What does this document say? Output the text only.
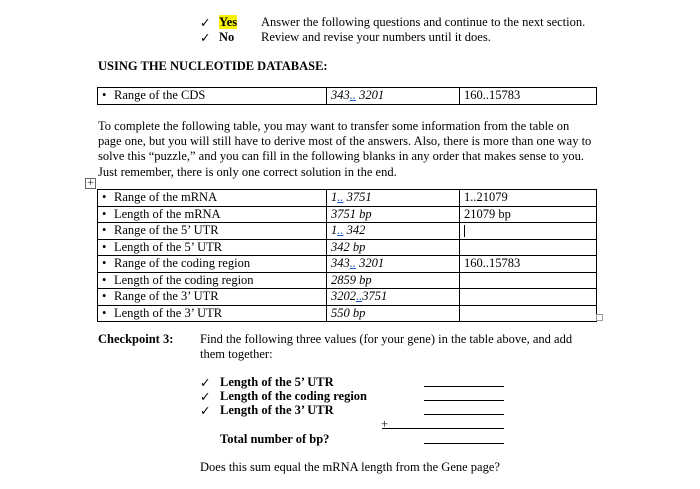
✓ Yes Answer the following questions and continue to the next section.
✓ No Review and revise your numbers until it does.
USING THE NUCLEOTIDE DATABASE:
• Range of the CDS	343.. 3201	160..15783
To complete the following table, you may want to transfer some information from the table on page one, but you will still have to derive most of the answers. Also, there is more than one way to solve this “puzzle,” and you can fill in the following blanks in any order that makes sense to you. Just remember, there is only one correct solution in the end.
+
• Range of the mRNA	1.. 3751	1..21079
• Length of the mRNA	3751 bp	21079 bp
• Range of the 5’ UTR	1.. 342	
• Length of the 5’ UTR	342 bp	
• Range of the coding region	343.. 3201	160..15783
• Length of the coding region	2859 bp	
• Range of the 3’ UTR	3202..3751	
• Length of the 3’ UTR	550 bp	
Checkpoint 3: Find the following three values (for your gene) in the table above, and add
them together:
✓ Length of the 5’ UTR
✓ Length of the coding region
✓ Length of the 3’ UTR
+
Total number of bp?
Does this sum equal the mRNA length from the Gene page?
